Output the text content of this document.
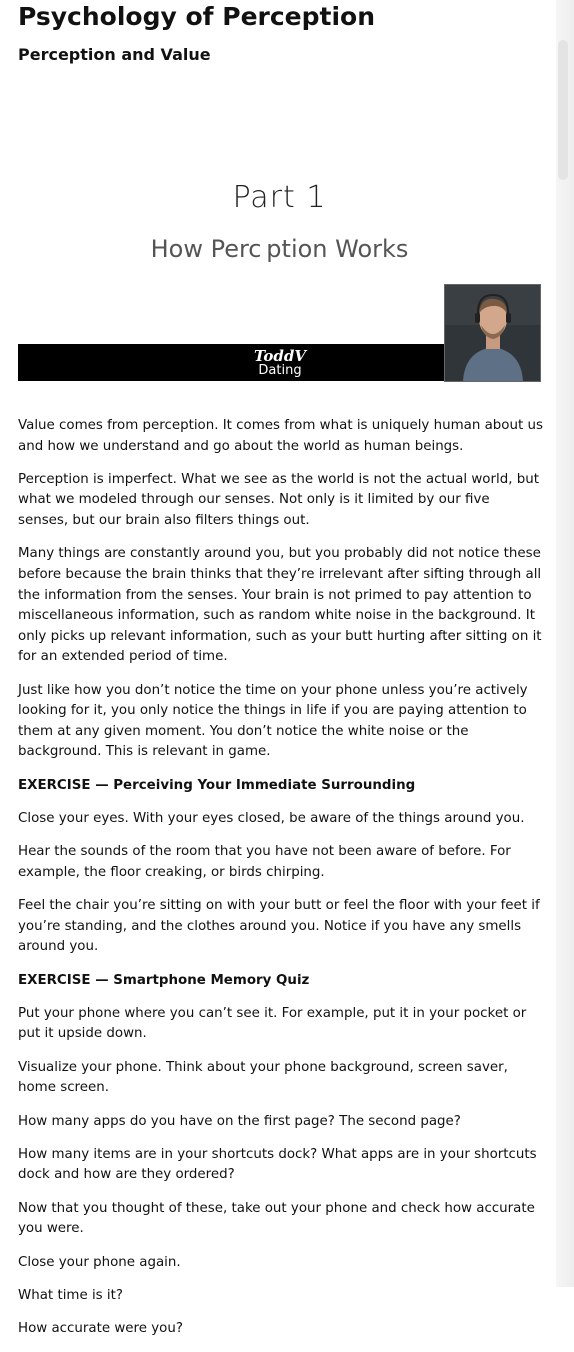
Psychology of Perception
Perception and Value
Part 1
How Perc ption Works
ToddV
Dating

Value comes from perception. It comes from what is uniquely human about us and how we understand and go about the world as human beings.

Perception is imperfect. What we see as the world is not the actual world, but what we modeled through our senses. Not only is it limited by our five senses, but our brain also filters things out.

Many things are constantly around you, but you probably did not notice these before because the brain thinks that they’re irrelevant after sifting through all the information from the senses. Your brain is not primed to pay attention to miscellaneous information, such as random white noise in the background. It only picks up relevant information, such as your butt hurting after sitting on it for an extended period of time.

Just like how you don’t notice the time on your phone unless you’re actively looking for it, you only notice the things in life if you are paying attention to them at any given moment. You don’t notice the white noise or the background. This is relevant in game.

EXERCISE — Perceiving Your Immediate Surrounding

Close your eyes. With your eyes closed, be aware of the things around you.

Hear the sounds of the room that you have not been aware of before. For example, the floor creaking, or birds chirping.

Feel the chair you’re sitting on with your butt or feel the floor with your feet if you’re standing, and the clothes around you. Notice if you have any smells around you.

EXERCISE — Smartphone Memory Quiz

Put your phone where you can’t see it. For example, put it in your pocket or put it upside down.

Visualize your phone. Think about your phone background, screen saver, home screen.

How many apps do you have on the first page? The second page?

How many items are in your shortcuts dock? What apps are in your shortcuts dock and how are they ordered?

Now that you thought of these, take out your phone and check how accurate you were.

Close your phone again.

What time is it?

How accurate were you?
